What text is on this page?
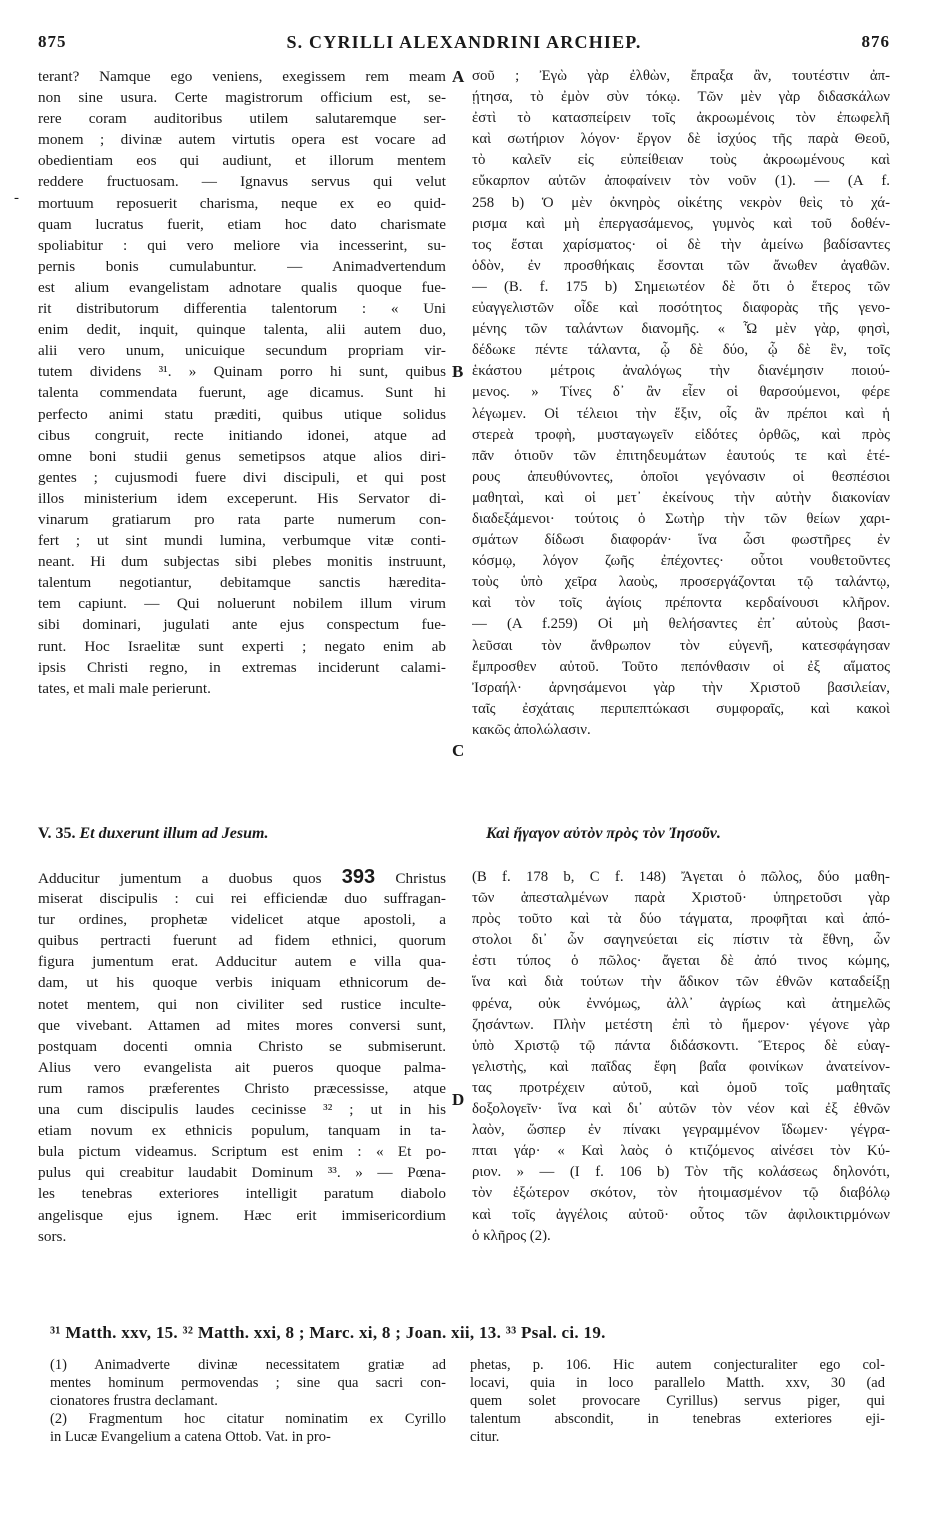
875	S. CYRILLI ALEXANDRINI ARCHIEP.	876
terant? Namque ego veniens, exegissem rem meam
non sine usura. Certe magistrorum officium est, se-
rere coram auditoribus utilem salutaremque ser-
monem ; divinæ autem virtutis opera est vocare ad
obedientiam eos qui audiunt, et illorum mentem
reddere fructuosam. — Ignavus servus qui velut
mortuum reposuerit charisma, neque ex eo quid-
quam lucratus fuerit, etiam hoc dato charismate
spoliabitur : qui vero meliore via incesserint, su-
pernis bonis cumulabuntur. — Animadvertendum
est alium evangelistam adnotare qualis quoque fue-
rit distributorum differentia talentorum : « Uni
enim dedit, inquit, quinque talenta, alii autem duo,
alii vero unum, unicuique secundum propriam vir-
tutem dividens ³¹. » Quinam porro hi sunt, quibus
talenta commendata fuerunt, age dicamus. Sunt hi
perfecto animi statu præditi, quibus utique solidus
cibus congruit, recte initiando idonei, atque ad
omne boni studii genus semetipsos atque alios diri-
gentes ; cujusmodi fuere divi discipuli, et qui post
illos ministerium idem exceperunt. His Servator di-
vinarum gratiarum pro rata parte numerum con-
fert ; ut sint mundi lumina, verbumque vitæ conti-
neant. Hi dum subjectas sibi plebes monitis instruunt,
talentum negotiantur, debitamque sanctis hæredita-
tem capiunt. — Qui noluerunt nobilem illum virum
sibi dominari, jugulati ante ejus conspectum fue-
runt. Hoc Israelitæ sunt experti ; negato enim ab
ipsis Christi regno, in extremas inciderunt calami-
tates, et mali male perierunt.
σοῦ ; Ἐγὼ γὰρ ἐλθὼν, ἔπραξα ἂν, τουτέστιν ἀπ-
ῄτησα, τὸ ἐμὸν σὺν τόκῳ. Τῶν μὲν γὰρ διδασκάλων
ἐστὶ τὸ κατασπείρειν τοῖς ἀκροωμένοις τὸν ἐπωφελῆ
καὶ σωτήριον λόγον· ἔργον δὲ ἰσχύος τῆς παρὰ Θεοῦ,
τὸ καλεῖν εἰς εὐπείθειαν τοὺς ἀκροωμένους καὶ
εὔκαρπον αὐτῶν ἀποφαίνειν τὸν νοῦν (1). — (A f.
258 b) Ὁ μὲν ὀκνηρὸς οἰκέτης νεκρὸν θεὶς τὸ χά-
ρισμα καὶ μὴ ἐπεργασάμενος, γυμνὸς καὶ τοῦ δοθέν-
τος ἔσται χαρίσματος· οἱ δὲ τὴν ἀμείνω βαδίσαντες
ὁδὸν, ἐν προσθήκαις ἔσονται τῶν ἄνωθεν ἀγαθῶν.
— (B. f. 175 b) Σημειωτέον δὲ ὅτι ὁ ἕτερος τῶν
εὐαγγελιστῶν οἶδε καὶ ποσότητος διαφορὰς τῆς γενο-
μένης τῶν ταλάντων διανομῆς. « Ὧ μὲν γὰρ, φησὶ,
δέδωκε πέντε τάλαντα, ᾧ δὲ δύο, ᾧ δὲ ἓν, τοῖς
ἑκάστου μέτροις ἀναλόγως τὴν διανέμησιν ποιού-
μενος. » Τίνες δ᾿ ἂν εἶεν οἱ θαρσούμενοι, φέρε
λέγωμεν. Οἱ τέλειοι τὴν ἕξιν, οἷς ἂν πρέποι καὶ ἡ
στερεὰ τροφὴ, μυσταγωγεῖν εἰδότες ὀρθῶς, καὶ πρὸς
πᾶν ὁτιοῦν τῶν ἐπιτηδευμάτων ἑαυτούς τε καὶ ἑτέ-
ρους ἀπευθύνοντες, ὁποῖοι γεγόνασιν οἱ θεσπέσιοι
μαθηταὶ, καὶ οἱ μετ᾿ ἐκείνους τὴν αὐτὴν διακονίαν
διαδεξάμενοι· τούτοις ὁ Σωτὴρ τὴν τῶν θείων χαρι-
σμάτων δίδωσι διαφοράν· ἵνα ὦσι φωστῆρες ἐν
κόσμῳ, λόγον ζωῆς ἐπέχοντες· οὗτοι νουθετοῦντες
τοὺς ὑπὸ χεῖρα λαοὺς, προσεργάζονται τῷ ταλάντῳ,
καὶ τὸν τοῖς ἁγίοις πρέποντα κερδαίνουσι κλῆρον.
— (A f.259) Οἱ μὴ θελήσαντες ἐπ᾿ αὐτοὺς βασι-
λεῦσαι τὸν ἄνθρωπον τὸν εὐγενῆ, κατεσφάγησαν
ἔμπροσθεν αὐτοῦ. Τοῦτο πεπόνθασιν οἱ ἐξ αἵματος
Ἰσραήλ· ἀρνησάμενοι γὰρ τὴν Χριστοῦ βασιλείαν,
ταῖς ἐσχάταις περιπεπτώκασι συμφοραῖς, καὶ κακοὶ
κακῶς ἀπολώλασιν.
A
B
C
D
-
V. 35. Et duxerunt illum ad Jesum.	Καὶ ἤγαγον αὐτὸν πρὸς τὸν Ἰησοῦν.
Adducitur jumentum a duobus quos 393 Christus
miserat discipulis : cui rei efficiendæ duo suffragan-
tur ordines, prophetæ videlicet atque apostoli, a
quibus pertracti fuerunt ad fidem ethnici, quorum
figura jumentum erat. Adducitur autem e villa qua-
dam, ut his quoque verbis iniquam ethnicorum de-
notet mentem, qui non civiliter sed rustice inculte-
que vivebant. Attamen ad mites mores conversi sunt,
postquam docenti omnia Christo se submiserunt.
Alius vero evangelista ait pueros quoque palma-
rum ramos præferentes Christo præcessisse, atque
una cum discipulis laudes cecinisse ³² ; ut in his
etiam novum ex ethnicis populum, tanquam in ta-
bula pictum videamus. Scriptum est enim : « Et po-
pulus qui creabitur laudabit Dominum ³³. » — Pœna-
les tenebras exteriores intelligit paratum diabolo
angelisque ejus ignem. Hæc erit immisericordium
sors.
(B f. 178 b, C f. 148) Ἄγεται ὁ πῶλος, δύο μαθη-
τῶν ἀπεσταλμένων παρὰ Χριστοῦ· ὑπηρετοῦσι γὰρ
πρὸς τοῦτο καὶ τὰ δύο τάγματα, προφῆται καὶ ἀπό-
στολοι δι᾿ ὧν σαγηνεύεται εἰς πίστιν τὰ ἔθνη, ὧν
ἐστι τύπος ὁ πῶλος· ἄγεται δὲ ἀπό τινος κώμης,
ἵνα καὶ διὰ τούτων τὴν ἄδικον τῶν ἐθνῶν καταδείξῃ
φρένα, οὐκ ἐννόμως, ἀλλ᾿ ἀγρίως καὶ ἀτημελῶς
ζησάντων. Πλὴν μετέστη ἐπὶ τὸ ἥμερον· γέγονε γὰρ
ὑπὸ Χριστῷ τῷ πάντα διδάσκοντι. Ἕτερος δὲ εὐαγ-
γελιστὴς, καὶ παῖδας ἔφη βαΐα φοινίκων ἀνατείνον-
τας προτρέχειν αὐτοῦ, καὶ ὁμοῦ τοῖς μαθηταῖς
δοξολογεῖν· ἵνα καὶ δι᾿ αὐτῶν τὸν νέον καὶ ἐξ ἐθνῶν
λαὸν, ὥσπερ ἐν πίνακι γεγραμμένον ἴδωμεν· γέγρα-
πται γάρ· « Καὶ λαὸς ὁ κτιζόμενος αἰνέσει τὸν Κύ-
ριον. » — (I f. 106 b) Τὸν τῆς κολάσεως δηλονότι,
τὸν ἐξώτερον σκότον, τὸν ἡτοιμασμένον τῷ διαβόλῳ
καὶ τοῖς ἀγγέλοις αὐτοῦ· οὗτος τῶν ἀφιλοικτιρμόνων
ὁ κλῆρος (2).
³¹ Matth. xxv, 15. ³² Matth. xxi, 8 ; Marc. xi, 8 ; Joan. xii, 13. ³³ Psal. ci. 19.
(1) Animadverte divinæ necessitatem gratiæ ad
mentes hominum permovendas ; sine qua sacri con-
cionatores frustra declamant.
(2) Fragmentum hoc citatur nominatim ex Cyrillo
in Lucæ Evangelium a catena Ottob. Vat. in pro-
phetas, p. 106. Hic autem conjecturaliter ego col-
locavi, quia in loco parallelo Matth. xxv, 30 (ad
quem solet provocare Cyrillus) servus piger, qui
talentum abscondit, in tenebras exteriores eji-
citur.
